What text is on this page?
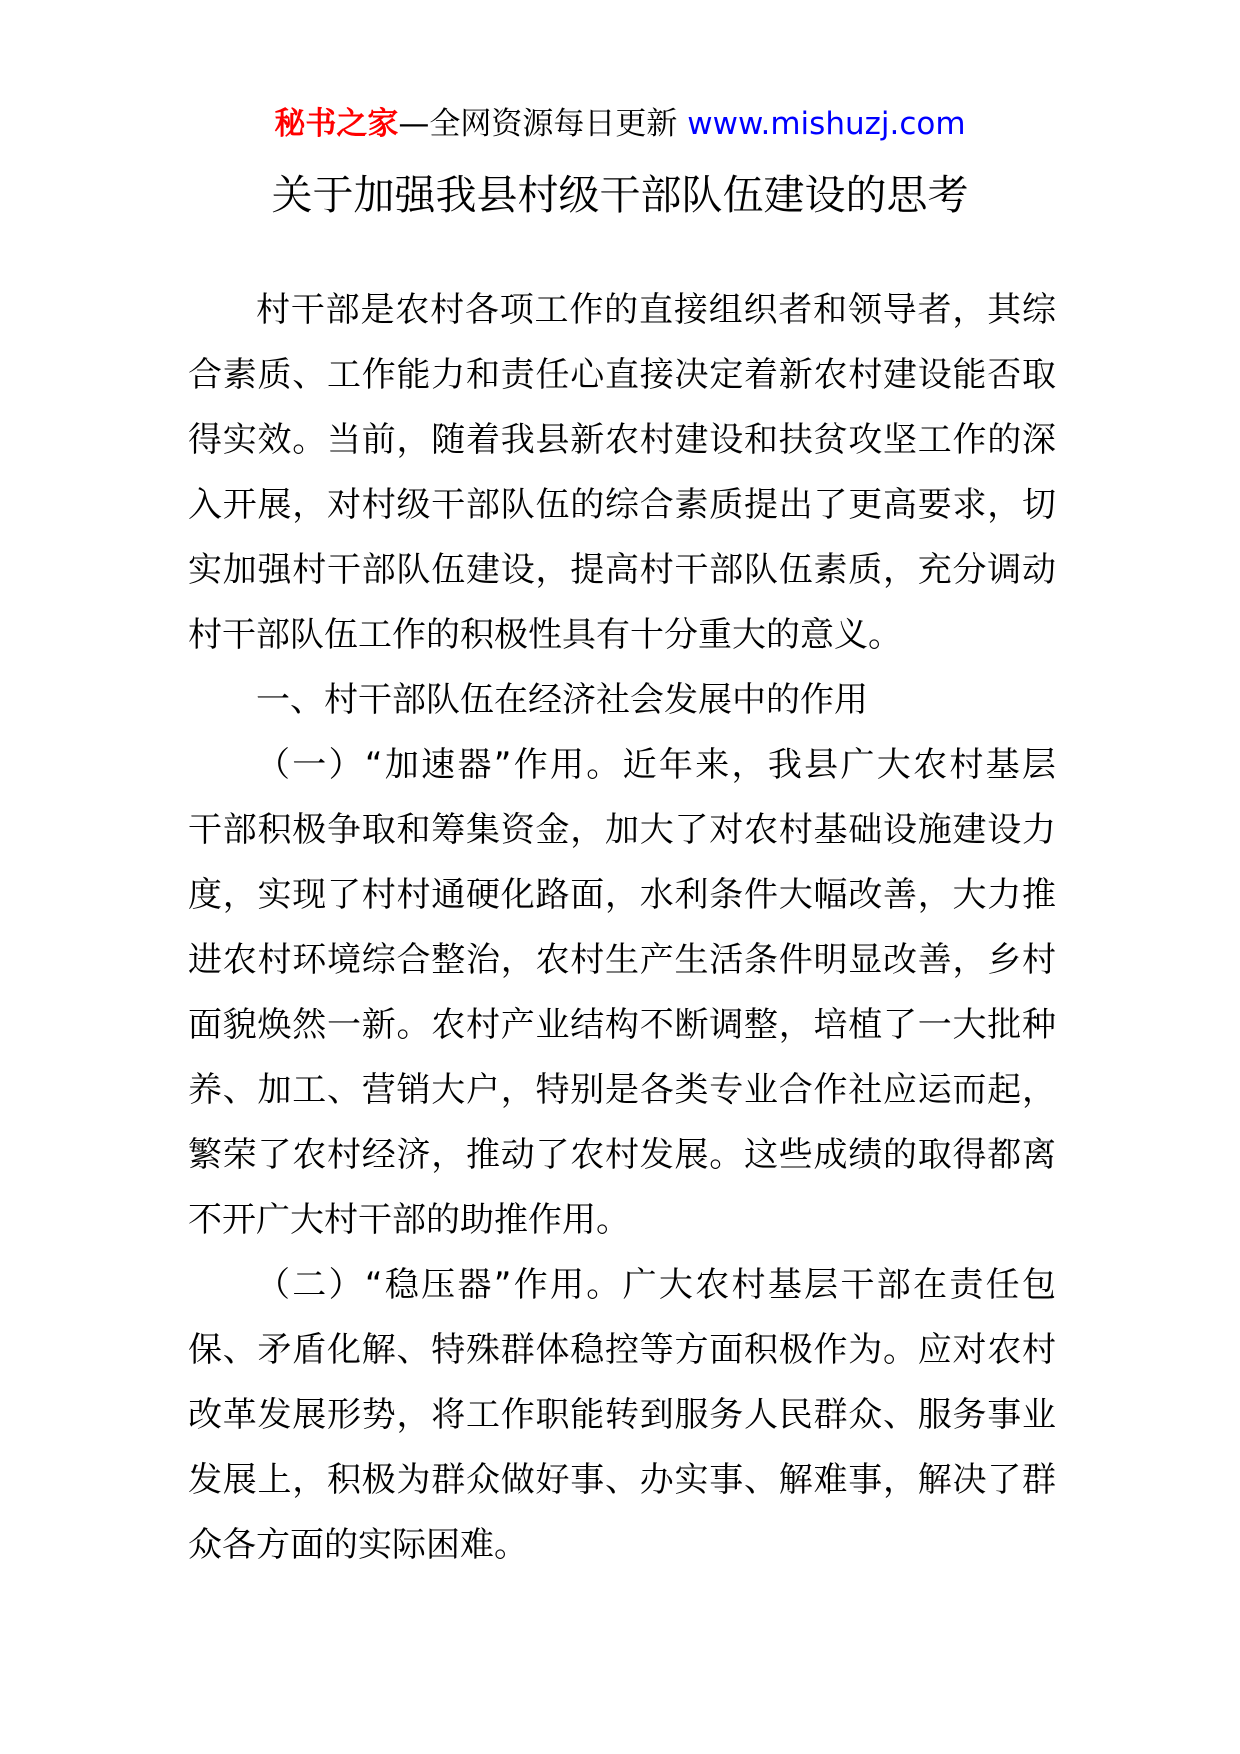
秘书之家—全网资源每日更新 www.mishuzj.com
关于加强我县村级干部队伍建设的思考
村干部是农村各项工作的直接组织者和领导者，其综
合素质、工作能力和责任心直接决定着新农村建设能否取
得实效。当前，随着我县新农村建设和扶贫攻坚工作的深
入开展，对村级干部队伍的综合素质提出了更高要求，切
实加强村干部队伍建设，提高村干部队伍素质，充分调动
村干部队伍工作的积极性具有十分重大的意义。
一、村干部队伍在经济社会发展中的作用
（一）“加速器”作用。近年来，我县广大农村基层
干部积极争取和筹集资金，加大了对农村基础设施建设力
度，实现了村村通硬化路面，水利条件大幅改善，大力推
进农村环境综合整治，农村生产生活条件明显改善，乡村
面貌焕然一新。农村产业结构不断调整，培植了一大批种
养、加工、营销大户，特别是各类专业合作社应运而起，
繁荣了农村经济，推动了农村发展。这些成绩的取得都离
不开广大村干部的助推作用。
（二）“稳压器”作用。广大农村基层干部在责任包
保、矛盾化解、特殊群体稳控等方面积极作为。应对农村
改革发展形势，将工作职能转到服务人民群众、服务事业
发展上，积极为群众做好事、办实事、解难事，解决了群
众各方面的实际困难。
